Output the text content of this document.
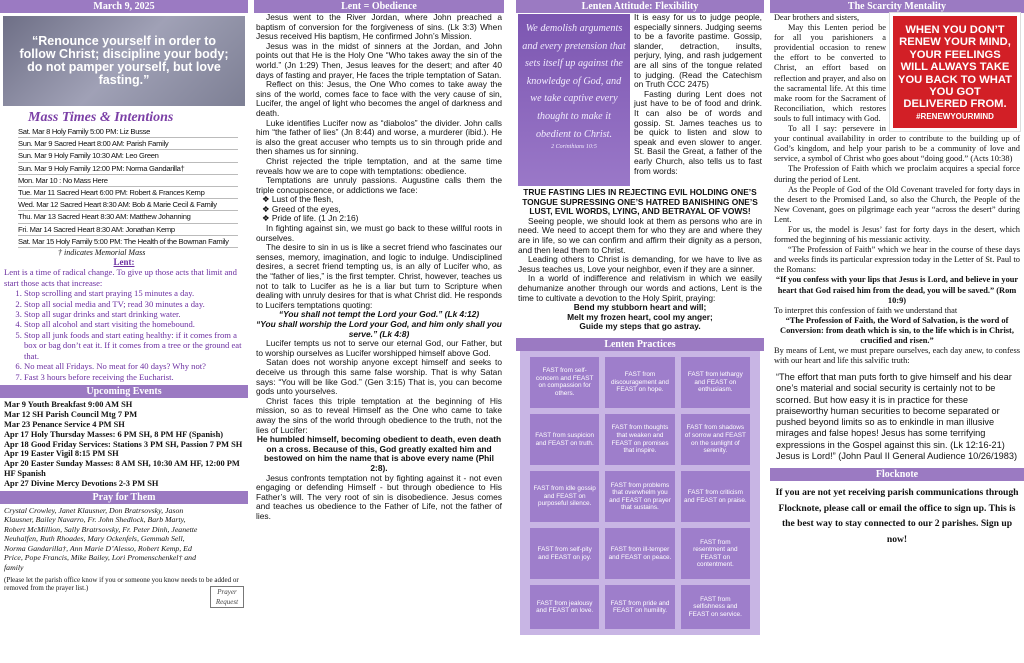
March 9, 2025
“Renounce yourself in order to follow Christ; discipline your body; do not pamper yourself, but love fasting.”
Mass Times & Intentions
Sat. Mar 8 Holy Family 5:00 PM: Liz Busse
Sun. Mar 9 Sacred Heart 8:00 AM: Parish Family
Sun. Mar 9 Holy Family 10:30 AM: Leo Green
Sun. Mar 9 Holy Family 12:00 PM: Norma Gandarilla†
Mon. Mar 10 : No Mass Here
Tue. Mar 11 Sacred Heart 6:00 PM: Robert & Frances Kemp
Wed. Mar 12 Sacred Heart 8:30 AM: Bob & Marie Cecil & Family
Thu. Mar 13 Sacred Heart 8:30 AM: Matthew Johanning
Fri. Mar 14 Sacred Heart 8:30 AM: Jonathan Kemp
Sat. Mar 15 Holy Family 5:00 PM: The Health of the Bowman Family
† indicates Memorial Mass
Lent:

Lent is a time of radical change. To give up those acts that limit and start those acts that increase:

1. Stop scrolling and start praying 15 minutes a day.
2. Stop all social media and TV; read 30 minutes a day.
3. Stop all sugar drinks and start drinking water.
4. Stop all alcohol and start visiting the homebound.
5. Stop all junk foods and start eating healthy: if it comes from a box or bag don’t eat it. If it comes from a tree or the ground eat that.
6. No meat all Fridays. No meat for 40 days? Why not?
7. Fast 3 hours before receiving the Eucharist.
Upcoming Events
Mar 9 Youth Breakfast 9:00 AM SH
Mar 12 SH Parish Council Mtg 7 PM
Mar 23 Penance Service 4 PM SH
Apr 17 Holy Thursday Masses: 6 PM SH, 8 PM HF (Spanish)
Apr 18 Good Friday Services: Stations 3 PM SH, Passion 7 PM SH
Apr 19 Easter Vigil 8:15 PM SH
Apr 20 Easter Sunday Masses: 8 AM SH, 10:30 AM HF, 12:00 PM HF Spanish
Apr 27 Divine Mercy Devotions 2-3 PM SH
Pray for Them
Crystal Crowley, Janet Klausner, Don Bratrsovsky, Jason Klausner, Bailey Navarro, Fr. John Shedlock, Barb Marty, Robert McMillion, Sally Bratrsovsky, Fr. Peter Dinh, Jeanette Neuhalfen, Ruth Rhoades, Mary Ockenfels, Gemmah Sell, Norma Gandarilla†, Ann Marie D’Alesso, Robert Kemp, Ed Price, Pope Francis, Mike Bailey, Lori Promenschenkel† and family
Prayer Request
(Please let the parish office know if you or someone you know needs to be added or removed from the prayer list.)
Lent = Obedience

Jesus went to the River Jordan, where John preached a baptism of conversion for the forgiveness of sins. (Lk 3:3) When Jesus received His baptism, He confirmed John’s Mission.

Jesus was in the midst of sinners at the Jordan, and John points out that He is the Holy One “Who takes away the sin of the world.” (Jn 1:29) Then, Jesus leaves for the desert; and after 40 days of fasting and prayer, He faces the triple temptation of Satan.

Reflect on this: Jesus, the One Who comes to take away the sins of the world, comes face to face with the very cause of sin, Lucifer, the angel of light who becomes the angel of darkness and death.

Luke identifies Lucifer now as “diabolos” the divider. John calls him “the father of lies” (Jn 8:44) and worse, a murderer (ibid.). He is also the great accuser who tempts us to sin through pride and then shames us for sinning.

Christ rejected the triple temptation, and at the same time reveals how we are to cope with temptations: obedience.

Temptations are unruly passions. Augustine calls them the triple concupiscence, or addictions we face:

❖ Lust of the flesh,
❖ Greed of the eyes,
❖ Pride of life. (1 Jn 2:16)

In fighting against sin, we must go back to these willful roots in ourselves.

The desire to sin in us is like a secret friend who fascinates our senses, memory, imagination, and logic to indulge. Undisciplined desires, a secret friend tempting us, is an ally of Lucifer who, as the “father of lies,” is the first tempter. Christ, however, teaches us not to talk to Lucifer as he is a liar but turn to Scripture when dealing with unruly desires for that is what Christ did. He responds to Lucifers temptations quoting:

“You shall not tempt the Lord your God.” (Lk 4:12)
“You shall worship the Lord your God, and him only shall you serve.” (Lk 4:8)

Lucifer tempts us not to serve our eternal God, our Father, but to worship ourselves as Lucifer worshipped himself above God.

Satan does not worship anyone except himself and seeks to deceive us through this same false worship. That is why Satan says: “You will be like God.” (Gen 3:15) That is, you can become gods unto yourselves.

Christ faces this triple temptation at the beginning of His mission, so as to reveal Himself as the One who came to take away the sins of the world through obedience to the truth, not the lies of Lucifer:

He humbled himself, becoming obedient to death, even death on a cross. Because of this, God greatly exalted him and bestowed on him the name that is above every name (Phil 2:8).

Jesus confronts temptation not by fighting against it - not even engaging or defending Himself - but through obedience to His Father’s will. The very root of sin is disobedience. Jesus comes and teaches us obedience to the Father of Life, not the father of lies.

Lenten Attitude: Flexibility
We demolish arguments and every pretension that sets itself up against the knowledge of God, and we take captive every thought to make it obedient to Christ.
2 Corinthians 10:5

It is easy for us to judge people, especially sinners. Judging seems to be a favorite pastime. Gossip, slander, detraction, insults, perjury, lying, and rash judgement are all sins of the tongue related to judging. (Read the Catechism on Truth CCC 2475)

Fasting during Lent does not just have to be of food and drink. It can also be of words and gossip. St. James teaches us to be quick to listen and slow to speak and even slower to anger. St. Basil the Great, a father of the early Church, also tells us to fast from words:

TRUE FASTING LIES IN REJECTING EVIL HOLDING ONE’S TONGUE SUPRESSING ONE’S HATRED BANISHING ONE’S LUST, EVIL WORDS, LYING, AND BETRAYAL OF VOWS!

Seeing people, we should look at them as persons who are in need. We need to accept them for who they are and where they are in life, so we can confirm and affirm their dignity as a person, and then lead them to Christ.

Leading others to Christ is demanding, for we have to live as Jesus teaches us, Love your neighbor, even if they are a sinner.

In a world of indifference and relativism in which we easily dehumanize another through our words and actions, Lent is the time to cultivate a devotion to the Holy Spirit, praying:

Bend my stubborn heart and will;
Melt my frozen heart, cool my anger;
Guide my steps that go astray.
Lenten Practices
FAST from self-concern and FEAST on compassion for others.
FAST from discouragement and FEAST on hope.
FAST from lethargy and FEAST on enthusiasm.
FAST from suspicion and FEAST on truth.
FAST from thoughts that weaken and FEAST on promises that inspire.
FAST from shadows of sorrow and FEAST on the sunlight of serenity.
FAST from idle gossip and FEAST on purposeful silence.
FAST from problems that overwhelm you and FEAST on prayer that sustains.
FAST from criticism and FEAST on praise.
FAST from self-pity and FEAST on joy.
FAST from ill-temper and FEAST on peace.
FAST from resentment and FEAST on contentment.
FAST from jealousy and FEAST on love.
FAST from pride and FEAST on humility.
FAST from selfishness and FEAST on service.
The Scarcity Mentality
WHEN YOU DON’T RENEW YOUR MIND, YOUR FEELINGS WILL ALWAYS TAKE YOU BACK TO WHAT YOU GOT DELIVERED FROM.
#RENEWYOURMIND
Dear brothers and sisters,

May this Lenten period be for all you parishioners a providential occasion to renew the effort to be converted to Christ, an effort based on reflection and prayer, and also on the sacramental life. At this time make room for the Sacrament of Reconciliation, which restores souls to full intimacy with God.

To all I say: persevere in your continual availability in order to contribute to the building up of God’s kingdom, and help your parish to be a community of love and service, a symbol of Christ who goes about “doing good.” (Acts 10:38)

The Profession of Faith which we proclaim acquires a special force during the period of Lent.

As the People of God of the Old Covenant traveled for forty days in the desert to the Promised Land, so also the Church, the People of the New Covenant, goes on pilgrimage each year “across the desert” during Lent.

For us, the model is Jesus’ fast for forty days in the desert, which formed the beginning of his messianic activity.

“The Profession of Faith” which we hear in the course of these days and weeks finds its particular expression today in the Letter of St. Paul to the Romans:

“If you confess with your lips that Jesus is Lord, and believe in your heart that God raised him from the dead, you will be saved.” (Rom 10:9)
To interpret this confession of faith we understand that
“The Profession of Faith, the Word of Salvation, is the word of Conversion: from death which is sin, to the life which is in Christ, crucified and risen.”
By means of Lent, we must prepare ourselves, each day anew, to confess with our heart and life this salvific truth:
“The effort that man puts forth to give himself and his dear one’s material and social security is certainly not to be scorned. But how easy it is in practice for these praiseworthy human securities to become separated or pushed beyond limits so as to enkindle in man illusive mirages and false hopes! Jesus has some terrifying expressions in the Gospel against this sin. (Lk 12:16-21) Jesus is Lord!” (John Paul II General Audience 10/26/1983)
Flocknote
If you are not yet receiving parish communications through Flocknote, please call or email the office to sign up. This is the best way to stay connected to our 2 parishes. Sign up now!
